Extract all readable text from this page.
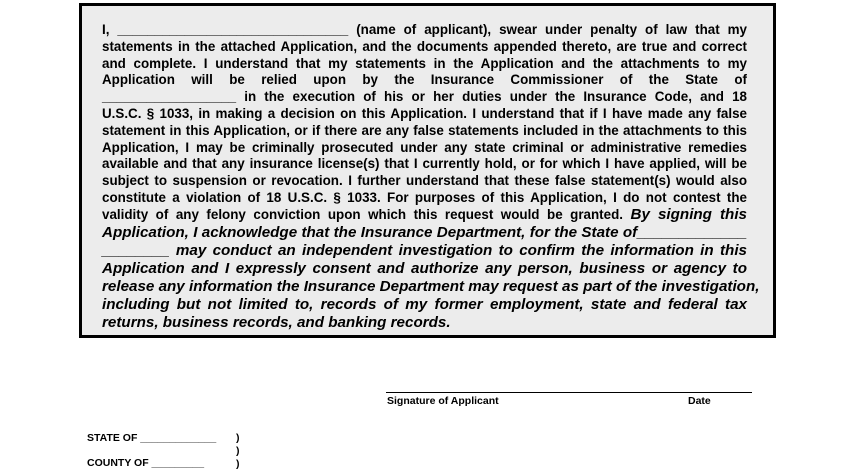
I, _______________________________ (name of applicant), swear under penalty of law that my
statements in the attached Application, and the documents appended thereto, are true and correct
and complete. I understand that my statements in the Application and the attachments to my
Application will be relied upon by the Insurance Commissioner of the State of
__________________ in the execution of his or her duties under the Insurance Code, and 18
U.S.C. § 1033, in making a decision on this Application. I understand that if I have made any false
statement in this Application, or if there are any false statements included in the attachments to this
Application, I may be criminally prosecuted under any state criminal or administrative remedies
available and that any insurance license(s) that I currently hold, or for which I have applied, will be
subject to suspension or revocation. I further understand that these false statement(s) would also
constitute a violation of 18 U.S.C. § 1033. For purposes of this Application, I do not contest the
validity of any felony conviction upon which this request would be granted. By signing this
Application, I acknowledge that the Insurance Department, for the State of_____________
________ may conduct an independent investigation to confirm the information in this
Application and I expressly consent and authorize any person, business or agency to
release any information the Insurance Department may request as part of the investigation,
including but not limited to, records of my former employment, state and federal tax
returns, business records, and banking records.
Signature of Applicant	Date
STATE OF _____________ )
)
)
COUNTY OF _________
